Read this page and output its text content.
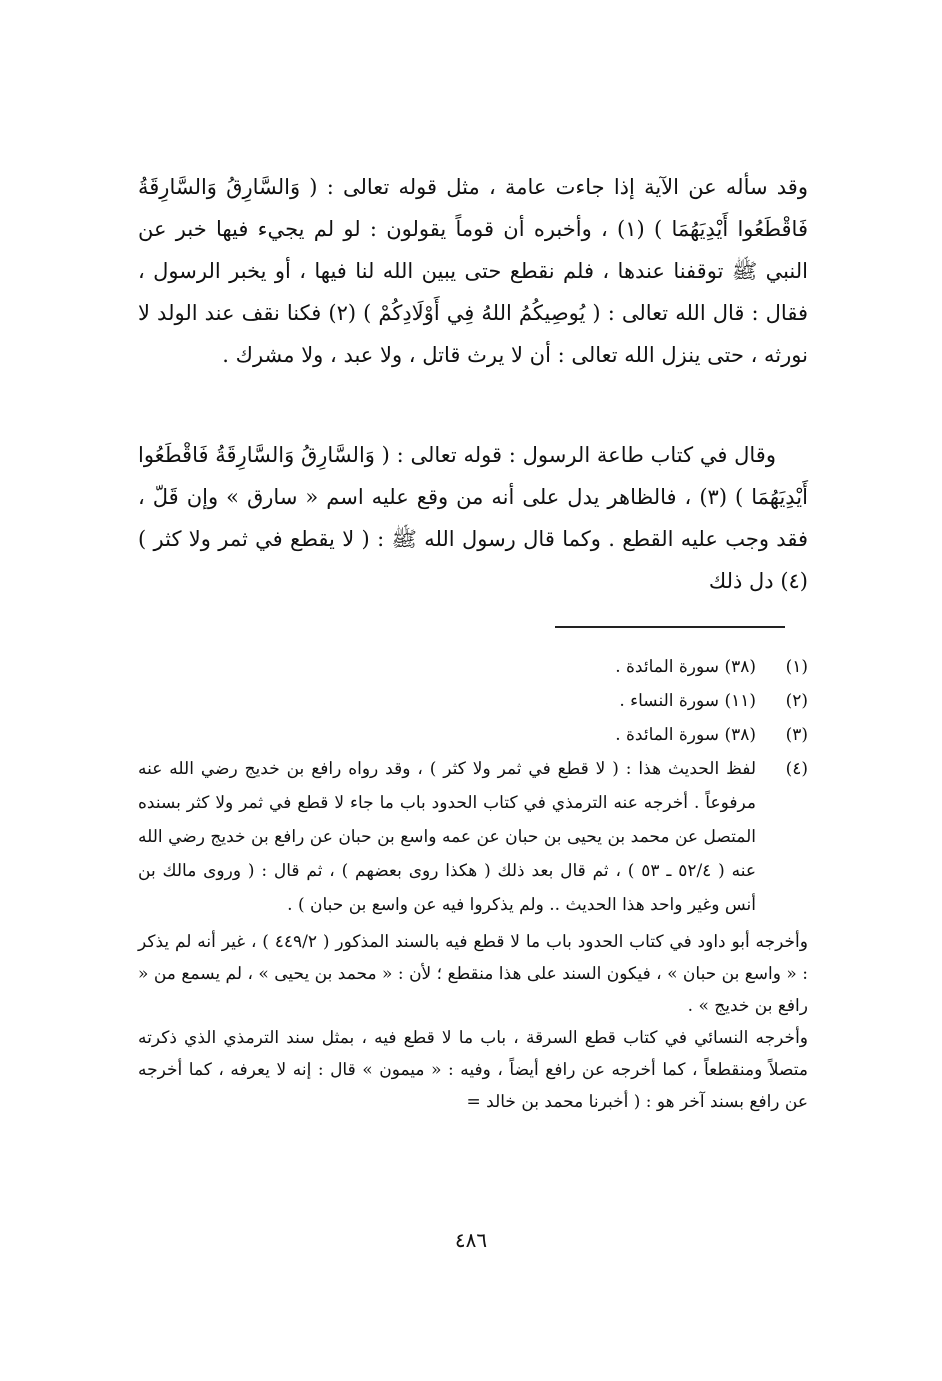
وقد سأله عن الآية إذا جاءت عامة ، مثل قوله تعالى : ( وَالسَّارِقُ وَالسَّارِقَةُ فَاقْطَعُوا أَيْدِيَهُمَا ) (١) ، وأخبره أن قوماً يقولون : لو لم يجيء فيها خبر عن النبي ﷺ توقفنا عندها ، فلم نقطع حتى يبين الله لنا فيها ، أو يخبر الرسول ، فقال : قال الله تعالى : ( يُوصِيكُمُ اللهُ فِي أَوْلَادِكُمْ ) (٢) فكنا نقف عند الولد لا نورثه ، حتى ينزل الله تعالى : أن لا يرث قاتل ، ولا عبد ، ولا مشرك .

وقال في كتاب طاعة الرسول : قوله تعالى : ( وَالسَّارِقُ وَالسَّارِقَةُ فَاقْطَعُوا أَيْدِيَهُمَا ) (٣) ، فالظاهر يدل على أنه من وقع عليه اسم « سارق » وإن قَلّ ، فقد وجب عليه القطع . وكما قال رسول الله ﷺ : ( لا يقطع في ثمر ولا كثر ) (٤) دل ذلك

(١)
(٣٨) سورة المائدة .
(٢)
(١١) سورة النساء .
(٣)
(٣٨) سورة المائدة .
(٤)
لفظ الحديث هذا : ( لا قطع في ثمر ولا كثر ) ، وقد رواه رافع بن خديج رضي الله عنه مرفوعاً . أخرجه عنه الترمذي في كتاب الحدود باب ما جاء لا قطع في ثمر ولا كثر بسنده المتصل عن محمد بن يحيى بن حبان عن عمه واسع بن حبان عن رافع بن خديج رضي الله عنه ( ٥٢/٤ ـ ٥٣ ) ، ثم قال بعد ذلك ( هكذا روى بعضهم ) ، ثم قال : ( وروى مالك بن أنس وغير واحد هذا الحديث .. ولم يذكروا فيه عن واسع بن حبان ) .
وأخرجه أبو داود في كتاب الحدود باب ما لا قطع فيه بالسند المذكور ( ٤٤٩/٢ ) ، غير أنه لم يذكر : « واسع بن حبان » ، فيكون السند على هذا منقطع ؛ لأن : « محمد بن يحيى » ، لم يسمع من « رافع بن خديج » .
وأخرجه النسائي في كتاب قطع السرقة ، باب ما لا قطع فيه ، بمثل سند الترمذي الذي ذكرته متصلاً ومنقطعاً ، كما أخرجه عن رافع أيضاً ، وفيه : « ميمون » قال : إنه لا يعرفه ، كما أخرجه عن رافع بسند آخر هو : ( أخبرنا محمد بن خالد =
٤٨٦
